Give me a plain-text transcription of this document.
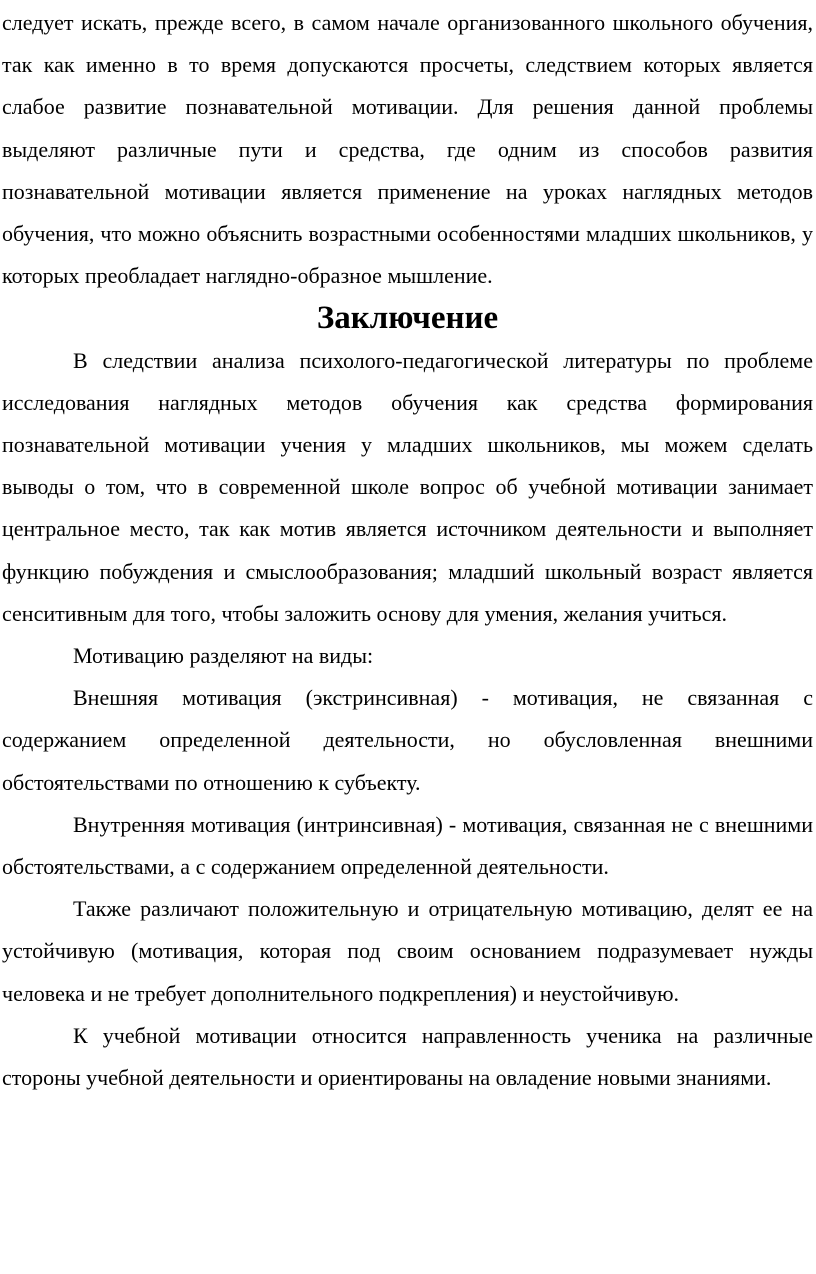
следует искать, прежде всего, в самом начале организованного школьного обучения, так как именно в то время допускаются просчеты, следствием которых является слабое развитие познавательной мотивации. Для решения данной проблемы выделяют различные пути и средства, где одним из способов развития познавательной мотивации является применение на уроках наглядных методов обучения, что можно объяснить возрастными особенностями младших школьников, у которых преобладает наглядно-образное мышление.

Заключение

В следствии анализа психолого-педагогической литературы по проблеме исследования наглядных методов обучения как средства формирования познавательной мотивации учения у младших школьников, мы можем сделать выводы о том, что в современной школе вопрос об учебной мотивации занимает центральное место, так как мотив является источником деятельности и выполняет функцию побуждения и смыслообразования; младший школьный возраст является сенситивным для того, чтобы заложить основу для умения, желания учиться.

Мотивацию разделяют на виды:

Внешняя мотивация (экстринсивная) - мотивация, не связанная с содержанием определенной деятельности, но обусловленная внешними обстоятельствами по отношению к субъекту.

Внутренняя мотивация (интринсивная) - мотивация, связанная не с внешними обстоятельствами, а с содержанием определенной деятельности.

Также различают положительную и отрицательную мотивацию, делят ее на устойчивую (мотивация, которая под своим основанием подразумевает нужды человека и не требует дополнительного подкрепления) и неустойчивую.

К учебной мотивации относится направленность ученика на различные стороны учебной деятельности и ориентированы на овладение новыми знаниями.
